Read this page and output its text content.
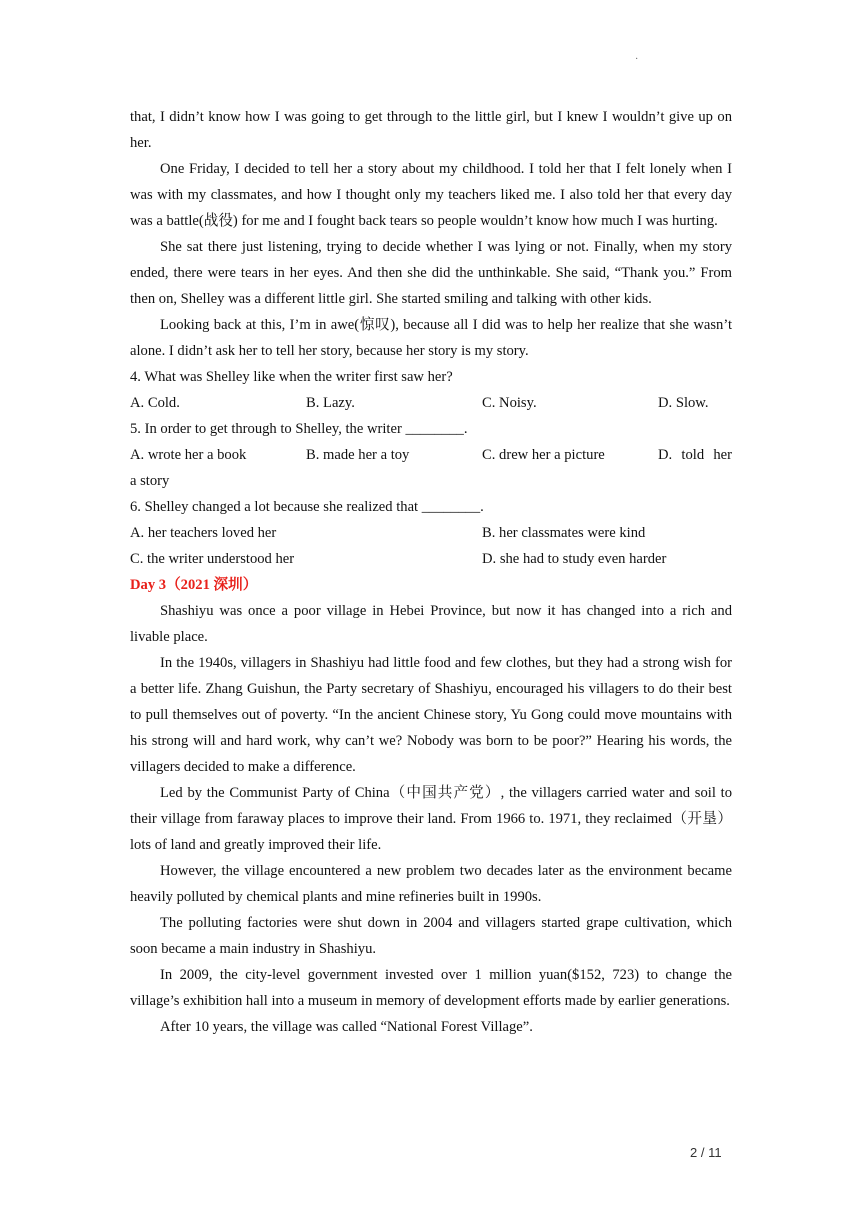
·

that, I didn’t know how I was going to get through to the little girl, but I knew I wouldn’t give up on her.

One Friday, I decided to tell her a story about my childhood. I told her that I felt lonely when I was with my classmates, and how I thought only my teachers liked me. I also told her that every day was a battle(战役) for me and I fought back tears so people wouldn’t know how much I was hurting.

She sat there just listening, trying to decide whether I was lying or not. Finally, when my story ended, there were tears in her eyes. And then she did the unthinkable. She said, “Thank you.” From then on, Shelley was a different little girl. She started smiling and talking with other kids.

Looking back at this, I’m in awe(惊叹), because all I did was to help her realize that she wasn’t alone. I didn’t ask her to tell her story, because her story is my story.

4. What was Shelley like when the writer first saw her?

A. Cold.	B. Lazy.	C. Noisy.	D. Slow.

5. In order to get through to Shelley, the writer ________.

A. wrote her a book	B. made her a toy	C. drew her a picture	D. told her

a story

6. Shelley changed a lot because she realized that ________.

A. her teachers loved her	B. her classmates were kind
C. the writer understood her	D. she had to study even harder

Day 3（2021 深圳）

Shashiyu was once a poor village in Hebei Province, but now it has changed into a rich and livable place.

In the 1940s, villagers in Shashiyu had little food and few clothes, but they had a strong wish for a better life. Zhang Guishun, the Party secretary of Shashiyu, encouraged his villagers to do their best to pull themselves out of poverty. “In the ancient Chinese story, Yu Gong could move mountains with his strong will and hard work, why can’t we? Nobody was born to be poor?” Hearing his words, the villagers decided to make a difference.

Led by the Communist Party of China（中国共产党）, the villagers carried water and soil to their village from faraway places to improve their land. From 1966 to. 1971, they reclaimed（开垦）lots of land and greatly improved their life.

However, the village encountered a new problem two decades later as the environment became heavily polluted by chemical plants and mine refineries built in 1990s.

The polluting factories were shut down in 2004 and villagers started grape cultivation, which soon became a main industry in Shashiyu.

In 2009, the city-level government invested over 1 million yuan($152, 723) to change the village’s exhibition hall into a museum in memory of development efforts made by earlier generations.

After 10 years, the village was called “National Forest Village”.

2 / 11
